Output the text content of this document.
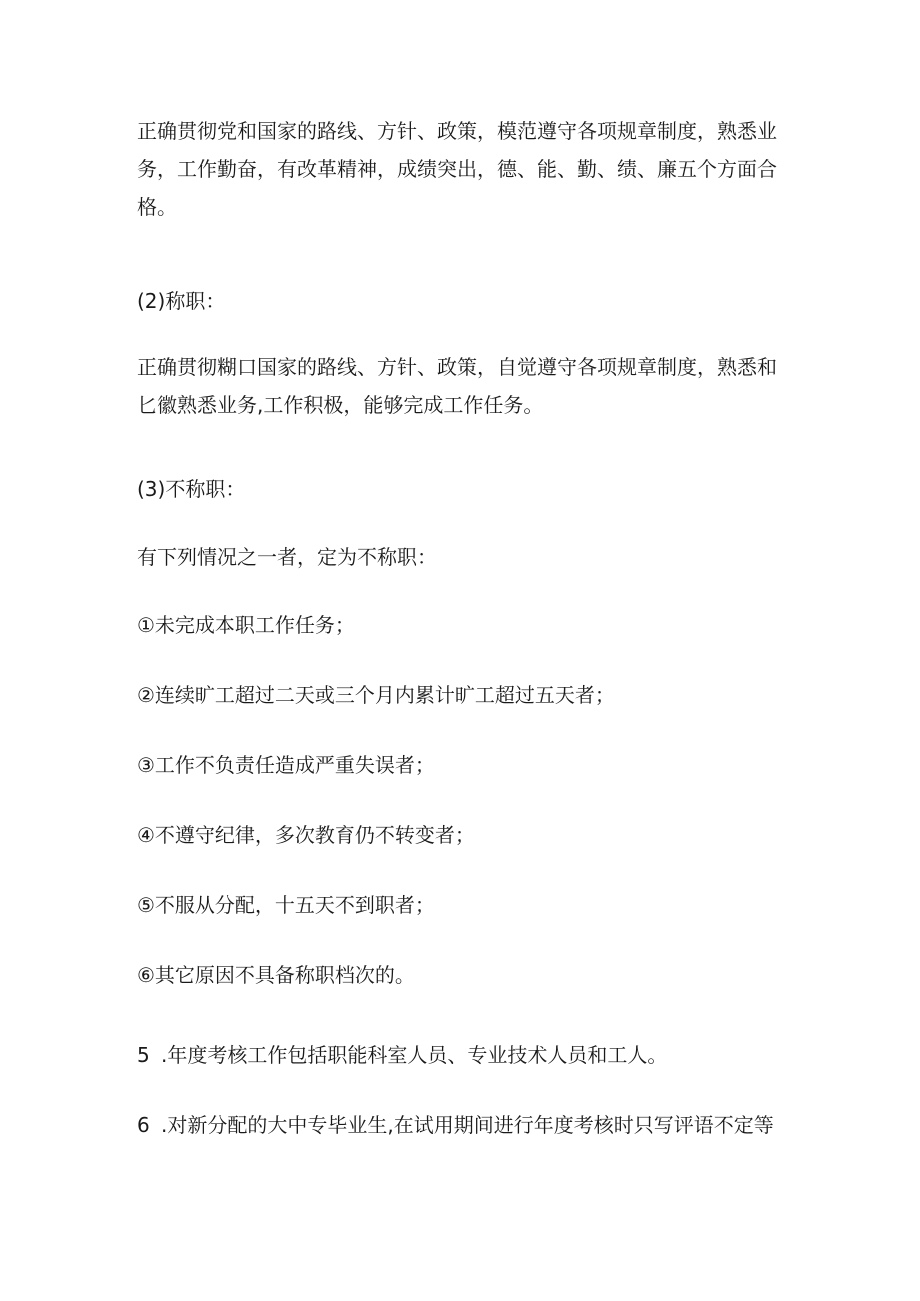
正确贯彻党和国家的路线、方针、政策，模范遵守各项规章制度，熟悉业
务，工作勤奋，有改革精神，成绩突出，德、能、勤、绩、廉五个方面合
格。

(2)称职：

正确贯彻糊口国家的路线、方针、政策，自觉遵守各项规章制度，熟悉和
匕徽熟悉业务,工作积极，能够完成工作任务。

(3)不称职：

有下列情况之一者，定为不称职：

①未完成本职工作任务；

②连续旷工超过二天或三个月内累计旷工超过五天者；

③工作不负责任造成严重失误者；

④不遵守纪律，多次教育仍不转变者；

⑤不服从分配，十五天不到职者；

⑥其它原因不具备称职档次的。

5 .年度考核工作包括职能科室人员、专业技术人员和工人。

6 .对新分配的大中专毕业生,在试用期间进行年度考核时只写评语不定等
